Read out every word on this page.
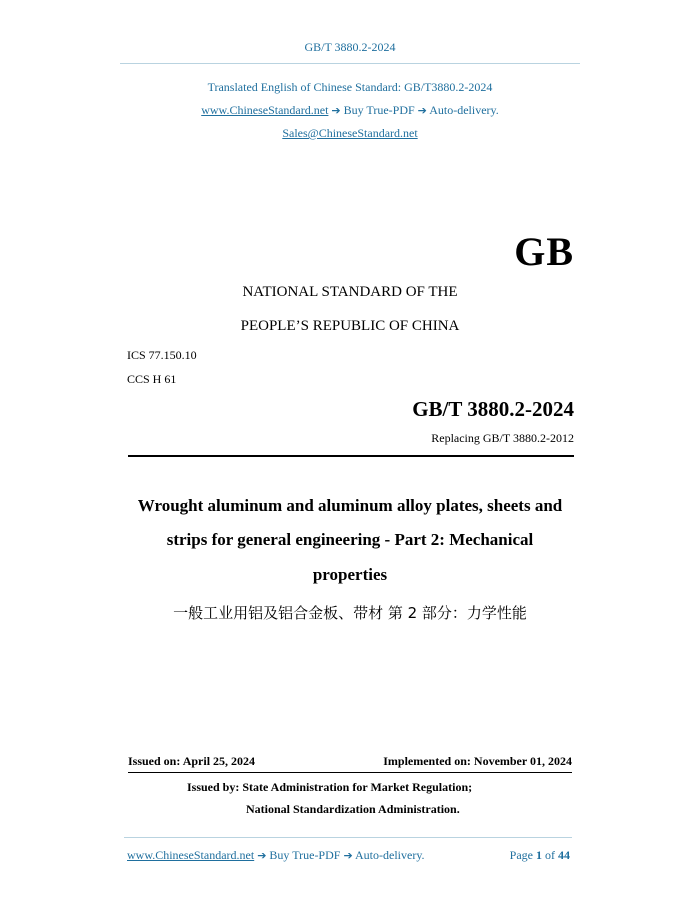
GB/T 3880.2-2024
Translated English of Chinese Standard: GB/T3880.2-2024
www.ChineseStandard.net ➔ Buy True-PDF ➔ Auto-delivery.
Sales@ChineseStandard.net
GB
NATIONAL STANDARD OF THE
PEOPLE’S REPUBLIC OF CHINA
ICS 77.150.10
CCS H 61
GB/T 3880.2-2024
Replacing GB/T 3880.2-2012
Wrought aluminum and aluminum alloy plates, sheets and
strips for general engineering - Part 2: Mechanical
properties
一般工业用铝及铝合金板、带材 第 2 部分：力学性能
Issued on: April 25, 2024	Implemented on: November 01, 2024
Issued by: State Administration for Market Regulation;
National Standardization Administration.
www.ChineseStandard.net ➔ Buy True-PDF ➔ Auto-delivery.	Page 1 of 44
